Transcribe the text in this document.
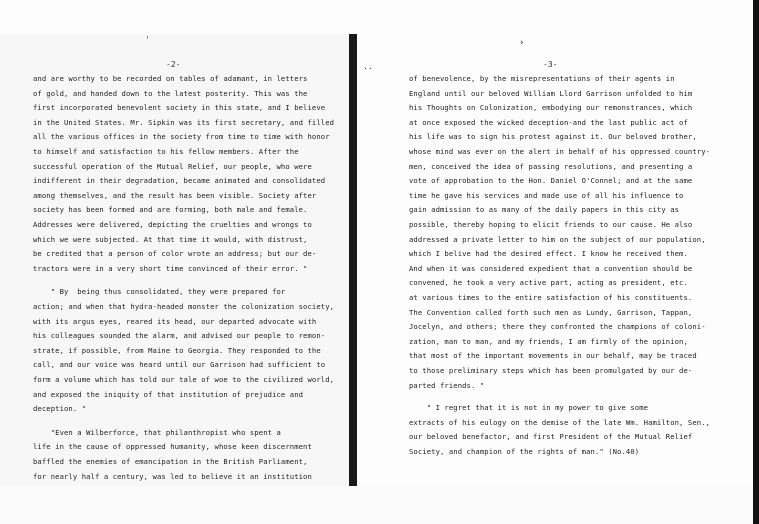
-2-
and are worthy to be recorded on tables of adamant, in letters
of gold, and handed down to the latest posterity. This was the
first incorporated benevolent society in this state, and I believe
in the United States. Mr. Sipkin was its first secretary, and filled
all the various offices in the society from time to time with honor
to himself and satisfaction to his fellow members. After the
successful operation of the Mutual Relief, our people, who were
indifferent in their degradation, became animated and consolidated
among themselves, and the result has been visible. Society after
society has been formed and are forming, both male and female.
Addresses were delivered, depicting the cruelties and wrongs to
which we were subjected. At that time it would, with distrust,
be credited that a person of color wrote an address; but our de-
tractors were in a very short time convinced of their error. "
" By  being thus consolidated, they were prepared for
action; and when that hydra-headed monster the colonization society,
with its argus eyes, reared its head, our departed advocate with
his colleagues sounded the alarm, and advised our people to remon-
strate, if possible, from Maine to Georgia. They responded to the
call, and our voice was heard until our Garrison had sufficient to
form a volume which has told our tale of woe to the civilized world,
and exposed the iniquity of that institution of prejudice and
deception. "
"Even a Wilberforce, that philanthropist who spent a
life in the cause of oppressed humanity, whose keen discernment
baffled the enemies of emancipation in the British Parliament,
for nearly half a century, was led to believe it an institution
··	-3-
of benevolence, by the misrepresentations of their agents in
England until our beloved William Llord Garrison unfolded to him
his Thoughts on Colonization, embodying our remonstrances, which
at once exposed the wicked deception-and the last public act of
his life was to sign his protest against it. Our beloved brother,
whose mind was ever on the alert in behalf of his oppressed country-
men, conceived the idea of passing resolutions, and presenting a
vote of approbation to the Hon. Daniel O'Connel; and at the same
time he gave his services and made use of all his influence to
gain admission to as many of the daily papers in this city as
possible, thereby hoping to elicit friends to our cause. He also
addressed a private letter to him on the subject of our population,
which I belive had the desired effect. I know he received them.
And when it was considered expedient that a convention should be
convened, he took a very active part, acting as president, etc.
at various times to the entire satisfaction of his constituents.
The Convention called forth such men as Lundy, Garrison, Tappan,
Jocelyn, and others; there they confronted the champions of coloni-
zation, man to man, and my friends, I am firmly of the opinion,
that most of the important movements in our behalf, may be traced
to those preliminary steps which has been promulgated by our de-
parted friends. "
" I regret that it is not in my power to give some
extracts of his eulogy on the demise of the late Wm. Hamilton, Sen.,
our beloved benefactor, and first President of the Mutual Relief
Society, and champion of the rights of man." (No.40)
ˈ	›
